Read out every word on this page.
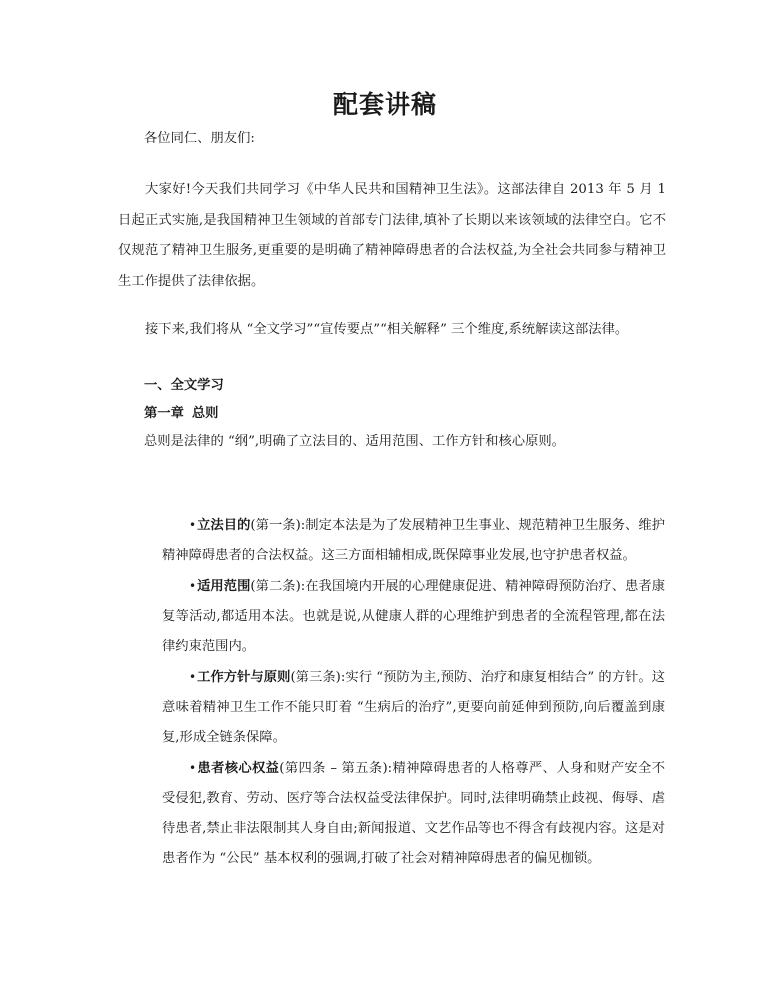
配套讲稿

各位同仁、朋友们:

大家好!今天我们共同学习《中华人民共和国精神卫生法》。这部法律自 2013 年 5 月 1 日起正式实施,是我国精神卫生领域的首部专门法律,填补了长期以来该领域的法律空白。它不仅规范了精神卫生服务,更重要的是明确了精神障碍患者的合法权益,为全社会共同参与精神卫生工作提供了法律依据。

接下来,我们将从 “全文学习”“宣传要点”“相关解释” 三个维度,系统解读这部法律。

一、全文学习
第一章 总则

总则是法律的 “纲”,明确了立法目的、适用范围、工作方针和核心原则。

•立法目的(第一条):制定本法是为了发展精神卫生事业、规范精神卫生服务、维护精神障碍患者的合法权益。这三方面相辅相成,既保障事业发展,也守护患者权益。
•适用范围(第二条):在我国境内开展的心理健康促进、精神障碍预防治疗、患者康复等活动,都适用本法。也就是说,从健康人群的心理维护到患者的全流程管理,都在法律约束范围内。
•工作方针与原则(第三条):实行 “预防为主,预防、治疗和康复相结合” 的方针。这意味着精神卫生工作不能只盯着 “生病后的治疗”,更要向前延伸到预防,向后覆盖到康复,形成全链条保障。
•患者核心权益(第四条 – 第五条):精神障碍患者的人格尊严、人身和财产安全不受侵犯,教育、劳动、医疗等合法权益受法律保护。同时,法律明确禁止歧视、侮辱、虐待患者,禁止非法限制其人身自由;新闻报道、文艺作品等也不得含有歧视内容。这是对患者作为 “公民” 基本权利的强调,打破了社会对精神障碍患者的偏见枷锁。
